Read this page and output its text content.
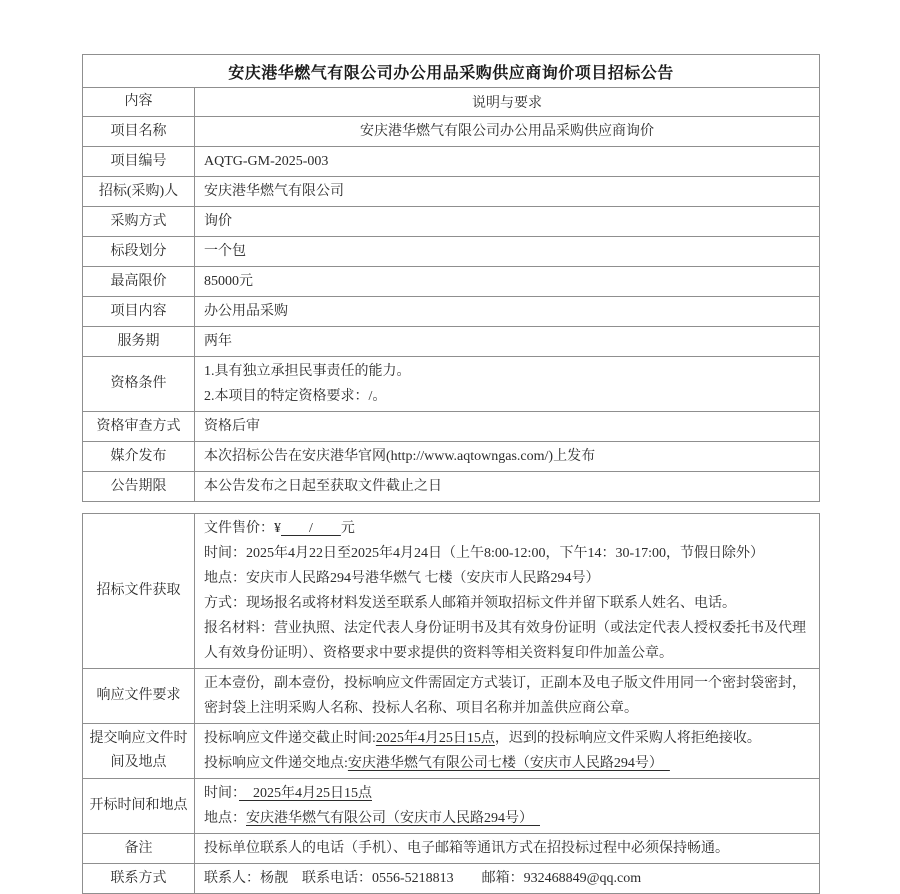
安庆港华燃气有限公司办公用品采购供应商询价项目招标公告	
内容	说明与要求
项目名称	安庆港华燃气有限公司办公用品采购供应商询价

项目编号	AQTG-GM-2025-003

招标(采购)人	安庆港华燃气有限公司

采购方式	询价

标段划分	一个包

最高限价	85000元

项目内容	办公用品采购

服务期	两年

资格条件	1.具有独立承担民事责任的能力。
2.本项目的特定资格要求：/。

资格审查方式	资格后审

媒介发布	本次招标公告在安庆港华官网(http://www.aqtowngas.com/)上发布

公告期限	本公告发布之日起至获取文件截止之日
招标文件获取	文件售价：¥　　/　　元
时间：2025年4月22日至2025年4月24日（上午8:00-12:00，下午14：30-17:00，节假日除外）
地点：安庆市人民路294号港华燃气 七楼（安庆市人民路294号）
方式：现场报名或将材料发送至联系人邮箱并领取招标文件并留下联系人姓名、电话。
报名材料：营业执照、法定代表人身份证明书及其有效身份证明（或法定代表人授权委托书及代理人有效身份证明）、资格要求中要求提供的资料等相关资料复印件加盖公章。

响应文件要求	正本壹份，副本壹份，投标响应文件需固定方式装订，正副本及电子版文件用同一个密封袋密封，密封袋上注明采购人名称、投标人名称、项目名称并加盖供应商公章。

提交响应文件时间及地点	投标响应文件递交截止时间:2025年4月25日15点，迟到的投标响应文件采购人将拒绝接收。
投标响应文件递交地点:安庆港华燃气有限公司七楼（安庆市人民路294号）　

开标时间和地点	时间：　2025年4月25日15点
地点：安庆港华燃气有限公司（安庆市人民路294号）　

备注	投标单位联系人的电话（手机）、电子邮箱等通讯方式在招投标过程中必须保持畅通。

联系方式	联系人：杨靓　联系电话：0556-5218813　　邮箱：932468849@qq.com
